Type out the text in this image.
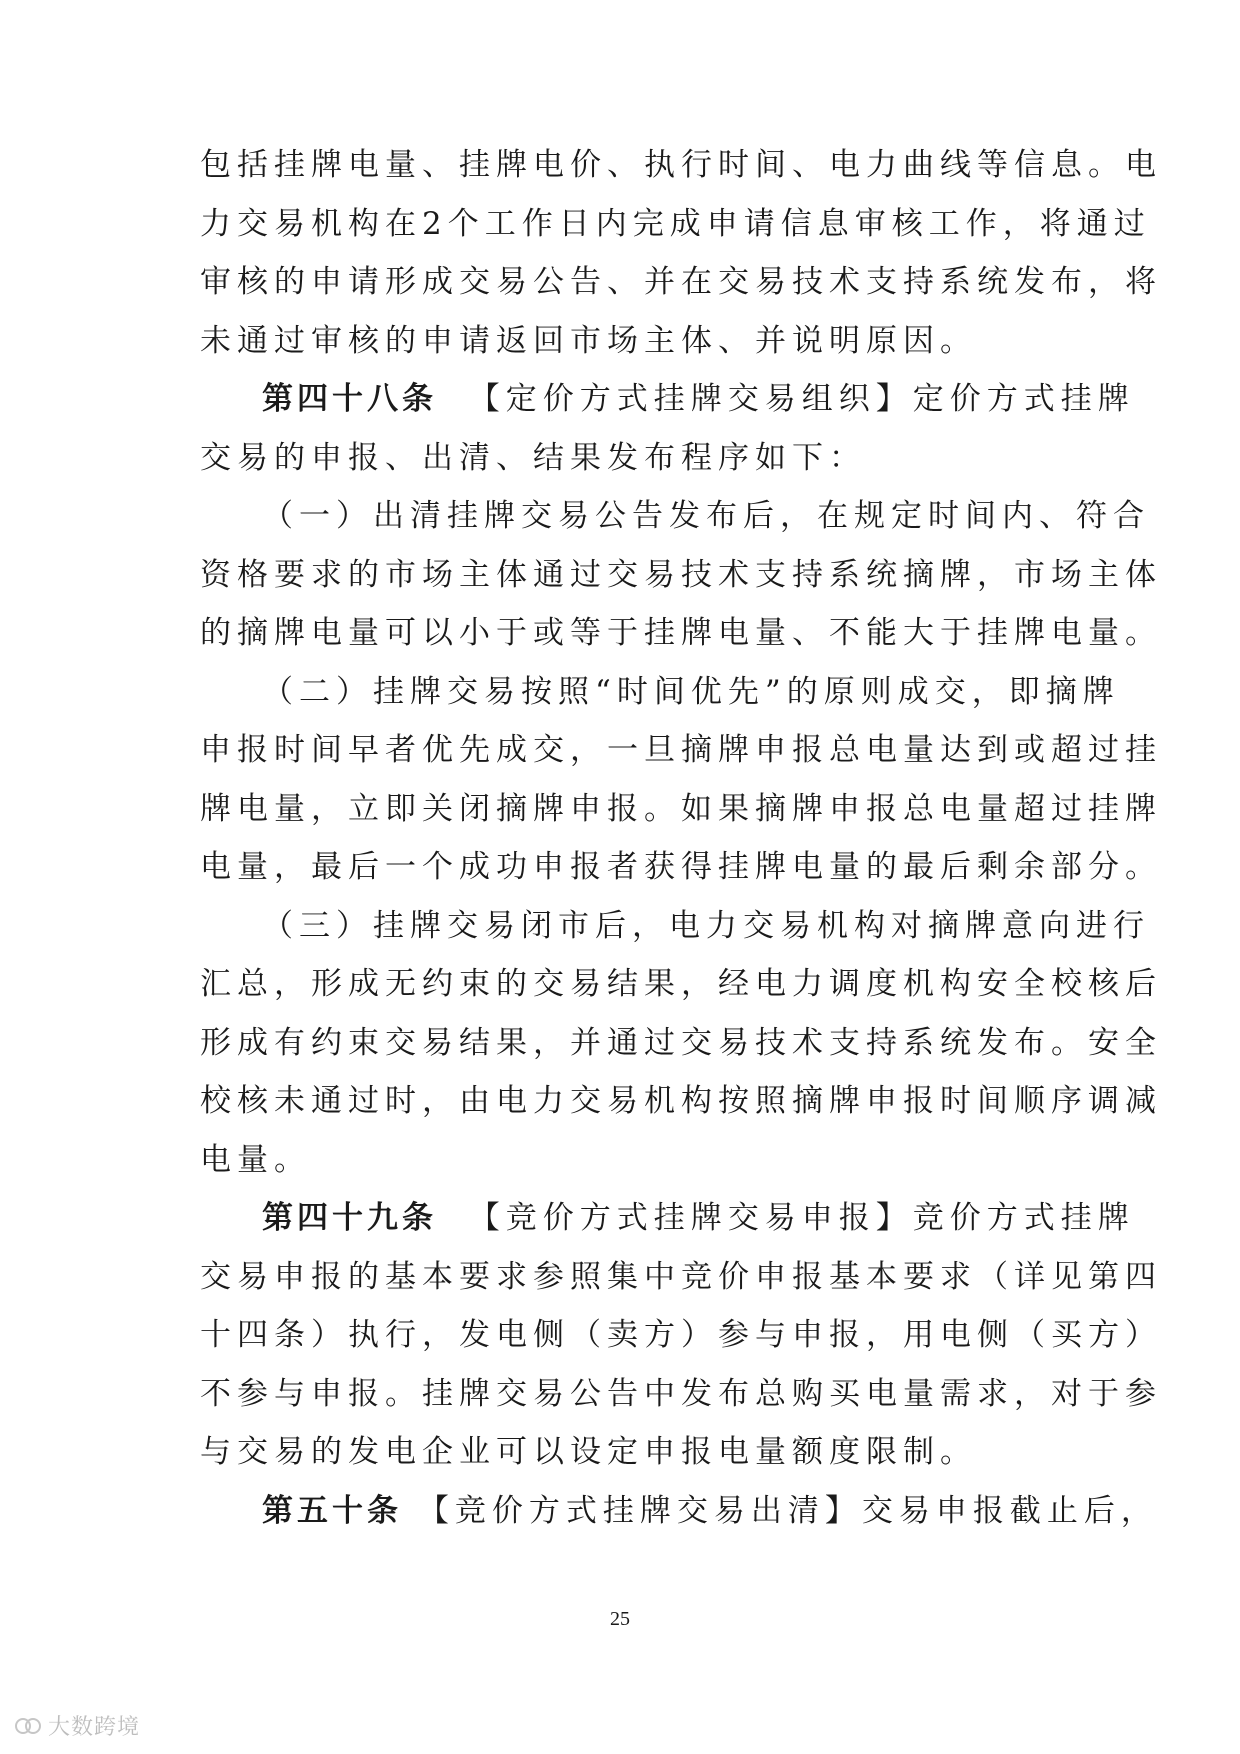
包括挂牌电量、挂牌电价、执行时间、电力曲线等信息。电
力交易机构在2个工作日内完成申请信息审核工作，将通过
审核的申请形成交易公告、并在交易技术支持系统发布，将
未通过审核的申请返回市场主体、并说明原因。
第四十八条 【定价方式挂牌交易组织】定价方式挂牌
交易的申报、出清、结果发布程序如下：
（一）出清挂牌交易公告发布后，在规定时间内、符合
资格要求的市场主体通过交易技术支持系统摘牌，市场主体
的摘牌电量可以小于或等于挂牌电量、不能大于挂牌电量。
（二）挂牌交易按照“时间优先”的原则成交，即摘牌
申报时间早者优先成交，一旦摘牌申报总电量达到或超过挂
牌电量，立即关闭摘牌申报。如果摘牌申报总电量超过挂牌
电量，最后一个成功申报者获得挂牌电量的最后剩余部分。
（三）挂牌交易闭市后，电力交易机构对摘牌意向进行
汇总，形成无约束的交易结果，经电力调度机构安全校核后
形成有约束交易结果，并通过交易技术支持系统发布。安全
校核未通过时，由电力交易机构按照摘牌申报时间顺序调减
电量。
第四十九条 【竞价方式挂牌交易申报】竞价方式挂牌
交易申报的基本要求参照集中竞价申报基本要求（详见第四
十四条）执行，发电侧（卖方）参与申报，用电侧（买方）
不参与申报。挂牌交易公告中发布总购买电量需求，对于参
与交易的发电企业可以设定申报电量额度限制。
第五十条 【竞价方式挂牌交易出清】交易申报截止后，
25
大数跨境
